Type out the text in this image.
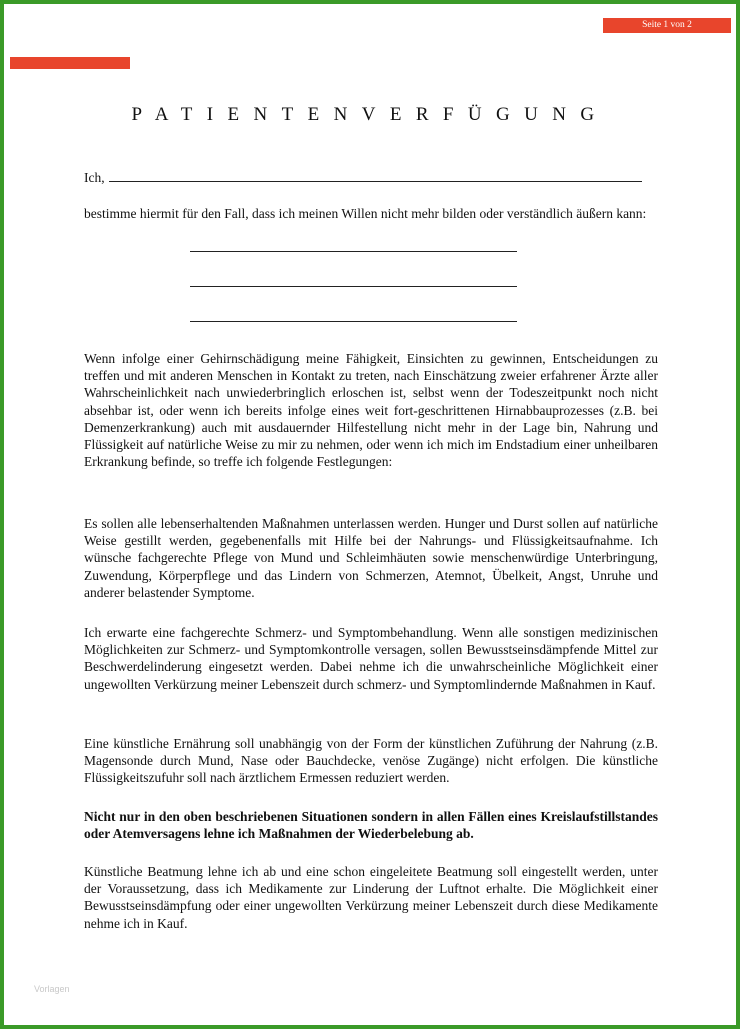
Seite 1 von 2
PATIENTENVERFÜGUNG
Ich,

bestimme hiermit für den Fall, dass ich meinen Willen nicht mehr bilden oder verständlich äußern kann:

Wenn infolge einer Gehirnschädigung meine Fähigkeit, Einsichten zu gewinnen, Entscheidungen zu treffen und mit anderen Menschen in Kontakt zu treten, nach Einschätzung zweier erfahrener Ärzte aller Wahrscheinlichkeit nach unwiederbringlich erloschen ist, selbst wenn der Todeszeitpunkt noch nicht absehbar ist, oder wenn ich bereits infolge eines weit fort-geschrittenen Hirnabbauprozesses (z.B. bei Demenzerkrankung) auch mit ausdauernder Hilfestellung nicht mehr in der Lage bin, Nahrung und Flüssigkeit auf natürliche Weise zu mir zu nehmen, oder wenn ich mich im Endstadium einer unheilbaren Erkrankung befinde, so treffe ich folgende Festlegungen:

Es sollen alle lebenserhaltenden Maßnahmen unterlassen werden. Hunger und Durst sollen auf natürliche Weise gestillt werden, gegebenenfalls mit Hilfe bei der Nahrungs- und Flüssigkeitsaufnahme. Ich wünsche fachgerechte Pflege von Mund und Schleimhäuten sowie menschenwürdige Unterbringung, Zuwendung, Körperpflege und das Lindern von Schmerzen, Atemnot, Übelkeit, Angst, Unruhe und anderer belastender Symptome.

Ich erwarte eine fachgerechte Schmerz- und Symptombehandlung. Wenn alle sonstigen medizinischen Möglichkeiten zur Schmerz- und Symptomkontrolle versagen, sollen Bewusstseinsdämpfende Mittel zur Beschwerdelinderung eingesetzt werden. Dabei nehme ich die unwahrscheinliche Möglichkeit einer ungewollten Verkürzung meiner Lebenszeit durch schmerz- und Symptomlindernde Maßnahmen in Kauf.

Eine künstliche Ernährung soll unabhängig von der Form der künstlichen Zuführung der Nahrung (z.B. Magensonde durch Mund, Nase oder Bauchdecke, venöse Zugänge) nicht erfolgen. Die künstliche Flüssigkeitszufuhr soll nach ärztlichem Ermessen reduziert werden.

Nicht nur in den oben beschriebenen Situationen sondern in allen Fällen eines Kreislaufstillstandes oder Atemversagens lehne ich Maßnahmen der Wiederbelebung ab.

Künstliche Beatmung lehne ich ab und eine schon eingeleitete Beatmung soll eingestellt werden, unter der Voraussetzung, dass ich Medikamente zur Linderung der Luftnot erhalte. Die Möglichkeit einer Bewusstseinsdämpfung oder einer ungewollten Verkürzung meiner Lebenszeit durch diese Medikamente nehme ich in Kauf.

Vorlagen
